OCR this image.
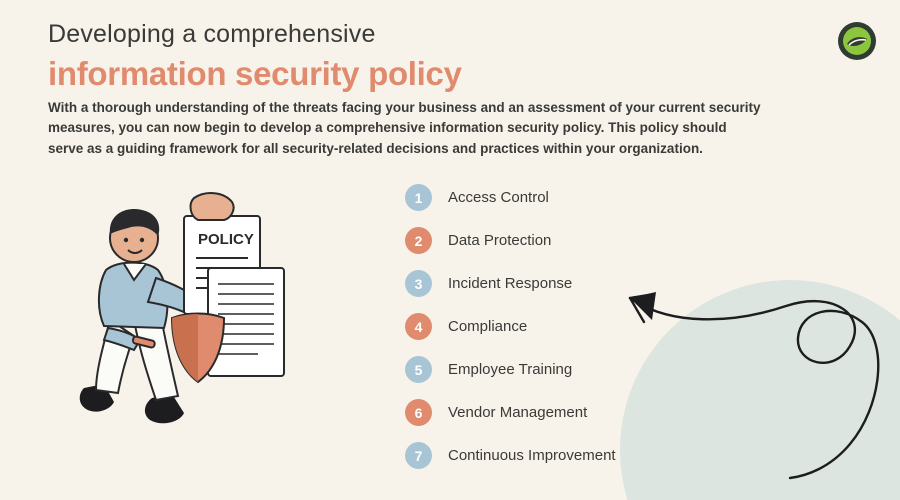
Developing a comprehensive

information security policy

With a thorough understanding of the threats facing your business and an assessment of your current security measures, you can now begin to develop a comprehensive information security policy. This policy should serve as a guiding framework for all security-related decisions and practices within your organization.
POLICY
1	Access Control
2	Data Protection
3	Incident Response
4	Compliance
5	Employee Training
6	Vendor Management
7	Continuous Improvement
